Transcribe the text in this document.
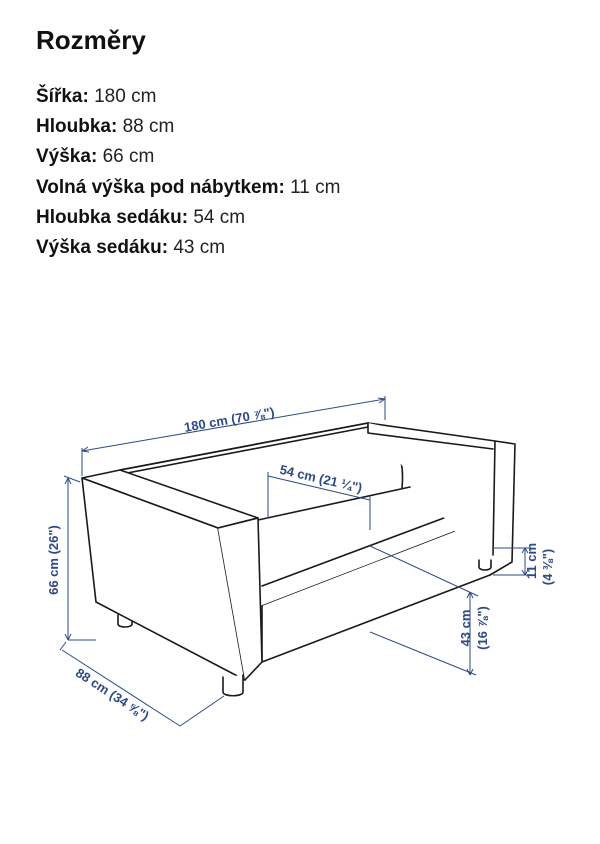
Rozměry
Šířka: 180 cm
Hloubka: 88 cm
Výška: 66 cm
Volná výška pod nábytkem: 11 cm
Hloubka sedáku: 54 cm
Výška sedáku: 43 cm
180 cm (70 ⅞")
54 cm (21 ¼")
66 cm (26")
88 cm (34 ⅝")
43 cm (16 ⅞")
11 cm (4 ⅜")
